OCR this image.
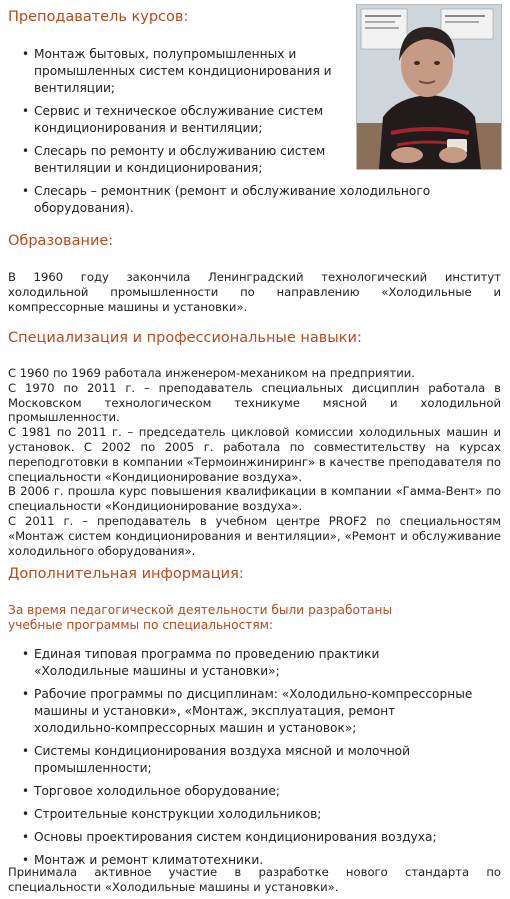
Преподаватель курсов:
• Монтаж бытовых, полупромышленных и промышленных систем кондиционирования и вентиляции;
• Сервис и техническое обслуживание систем кондиционирования и вентиляции;
• Слесарь по ремонту и обслуживанию систем вентиляции и кондиционирования;
• Слесарь – ремонтник (ремонт и обслуживание холодильного оборудования).
Образование:

В 1960 году закончила Ленинградский технологический институт холодильной промышленности по направлению «Холодильные и компрессорные машины и установки».

Специализация и профессиональные навыки:

С 1960 по 1969 работала инженером-механиком на предприятии.

С 1970 по 2011 г. – преподаватель специальных дисциплин работала в Московском технологическом техникуме мясной и холодильной промышленности.

С 1981 по 2011 г. – председатель цикловой комиссии холодильных машин и установок. С 2002 по 2005 г. работала по совместительству на курсах переподготовки в компании «Термоинжиниринг» в качестве преподавателя по специальности «Кондиционирование воздуха».

В 2006 г. прошла курс повышения квалификации в компании «Гамма-Вент» по специальности «Кондиционирование воздуха».

С 2011 г. – преподаватель в учебном центре PROF2 по специальностям «Монтаж систем кондиционирования и вентиляции», «Ремонт и обслуживание холодильного оборудования».

Дополнительная информация:

За время педагогической деятельности были разработаны учебные программы по специальностям:

• Единая типовая программа по проведению практики «Холодильные машины и установки»;
• Рабочие программы по дисциплинам: «Холодильно-компрессорные машины и установки», «Монтаж, эксплуатация, ремонт холодильно-компрессорных машин и установок»;
• Системы кондиционирования воздуха мясной и молочной промышленности;
• Торговое холодильное оборудование;
• Строительные конструкции холодильников;
• Основы проектирования систем кондиционирования воздуха;
• Монтаж и ремонт климатотехники.

Принимала активное участие в разработке нового стандарта по специальности «Холодильные машины и установки».
